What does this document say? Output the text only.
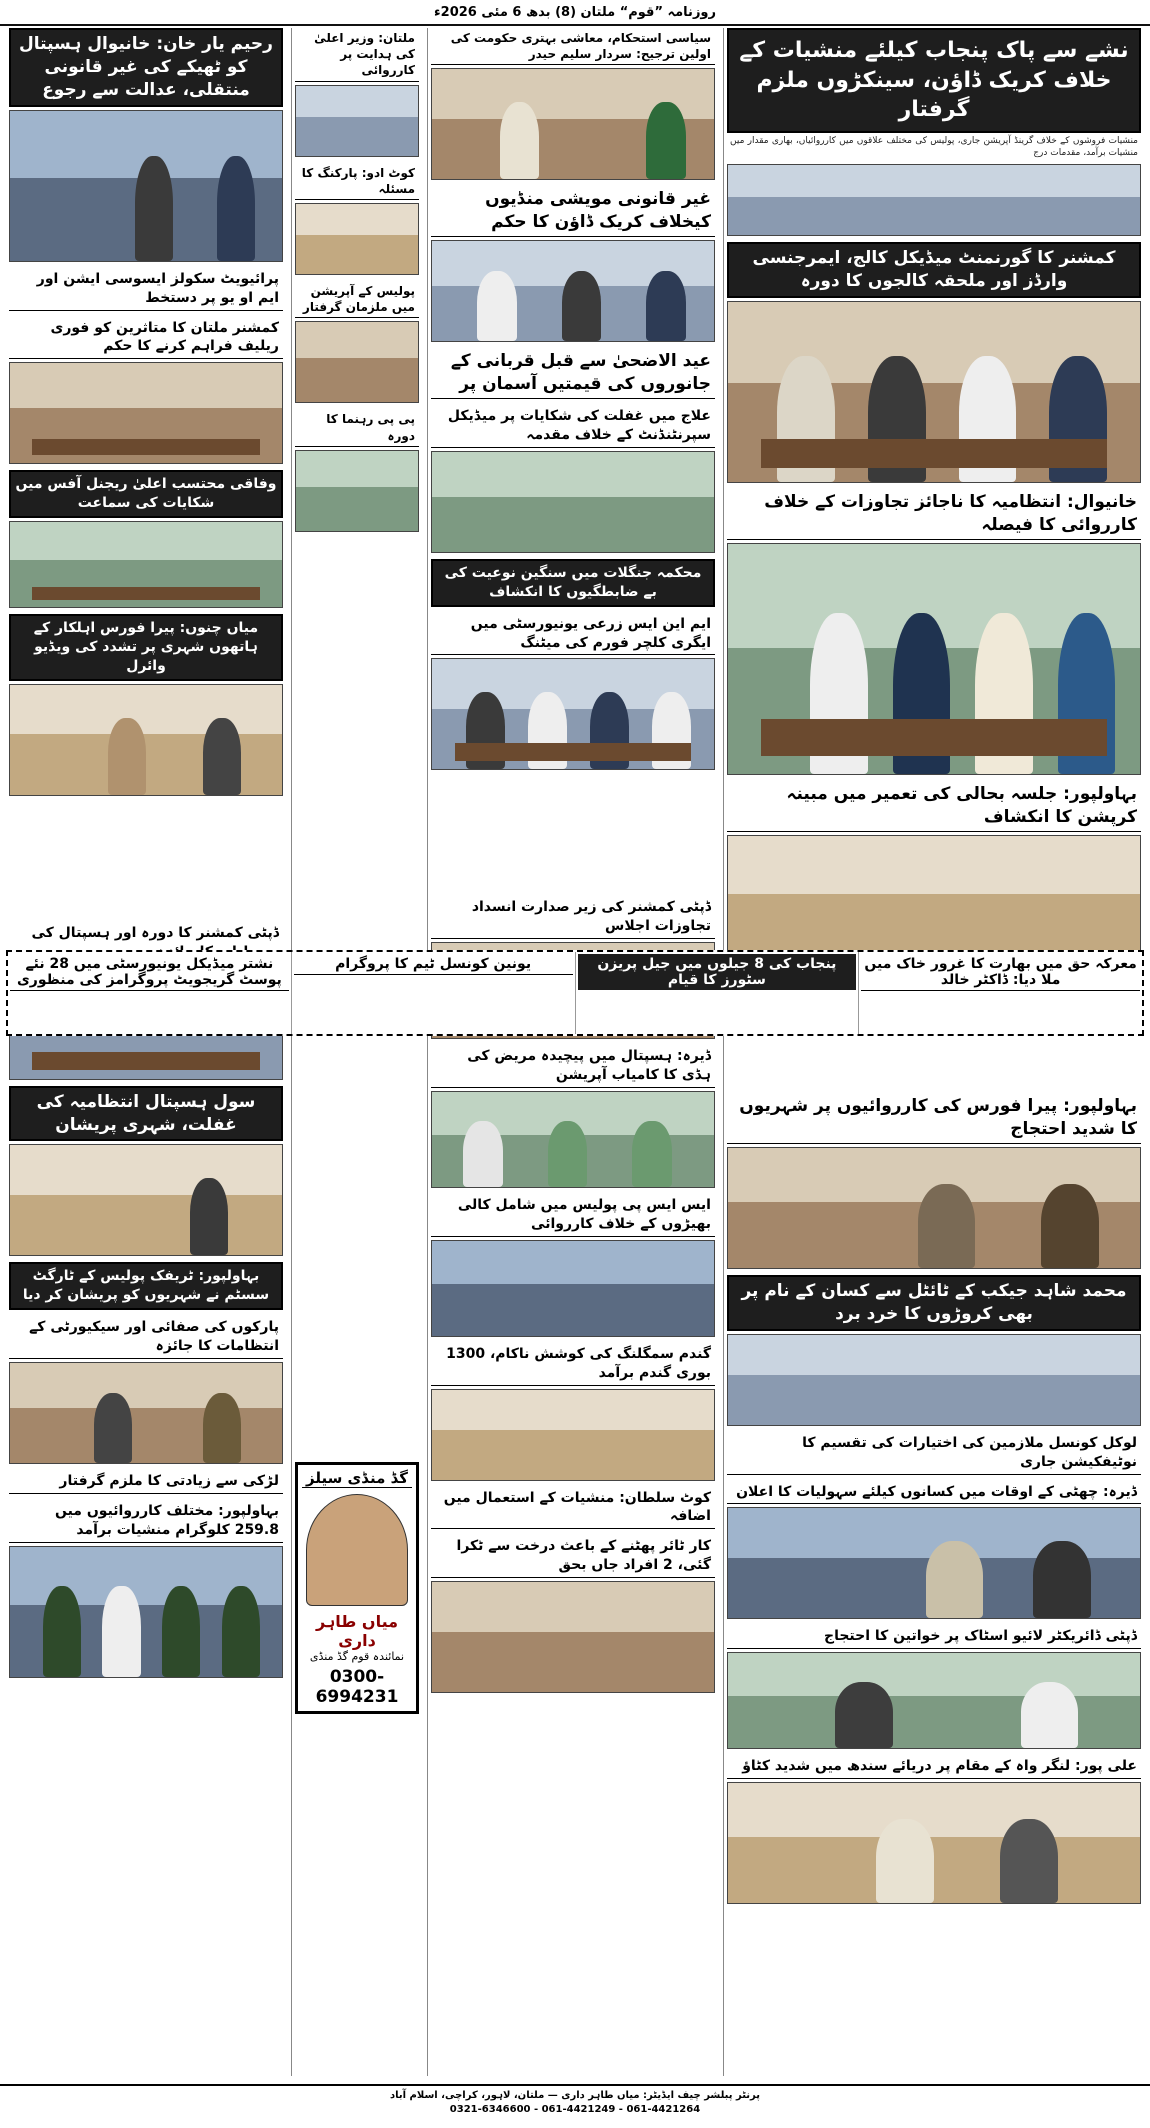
روزنامہ ”قوم“ ملتان (8) بدھ 6 مئی 2026ء
نشے سے پاک پنجاب کیلئے منشیات کے خلاف کریک ڈاؤن، سینکڑوں ملزم گرفتار
منشیات فروشوں کے خلاف گرینڈ آپریشن جاری، پولیس کی مختلف علاقوں میں کارروائیاں، بھاری مقدار میں منشیات برآمد، مقدمات درج
کمشنر کا گورنمنٹ میڈیکل کالج، ایمرجنسی وارڈز اور ملحقہ کالجوں کا دورہ
خانیوال: انتظامیہ کا ناجائز تجاوزات کے خلاف کارروائی کا فیصلہ
بہاولپور: جلسہ بحالی کی تعمیر میں مبینہ کرپشن کا انکشاف
بہاولپور: پیرا فورس کی کارروائیوں پر شہریوں کا شدید احتجاج
محمد شاہد جیکب کے ٹائٹل سے کسان کے نام پر بھی کروڑوں کا خرد برد
لوکل کونسل ملازمین کی اختیارات کی تقسیم کا نوٹیفکیشن جاری
ڈیرہ: چھٹی کے اوقات میں کسانوں کیلئے سہولیات کا اعلان
ڈپٹی ڈائریکٹر لائیو اسٹاک پر خواتین کا احتجاج
علی پور: لنگر واہ کے مقام پر دریائے سندھ میں شدید کٹاؤ
سیاسی استحکام، معاشی بہتری حکومت کی اولین ترجیح: سردار سلیم حیدر
غیر قانونی مویشی منڈیوں کیخلاف کریک ڈاؤن کا حکم
عید الاضحیٰ سے قبل قربانی کے جانوروں کی قیمتیں آسمان پر
علاج میں غفلت کی شکایات پر میڈیکل سپرنٹنڈنٹ کے خلاف مقدمہ
محکمہ جنگلات میں سنگین نوعیت کی بے ضابطگیوں کا انکشاف
ایم این ایس زرعی یونیورسٹی میں ایگری کلچر فورم کی میٹنگ
ڈپٹی کمشنر کی زیر صدارت انسداد تجاوزات اجلاس
ڈیرہ: ہسپتال میں پیچیدہ مریض کی ہڈی کا کامیاب آپریشن
ایس ایس پی پولیس میں شامل کالی بھیڑوں کے خلاف کارروائی
گندم سمگلنگ کی کوشش ناکام، 1300 بوری گندم برآمد
کوٹ سلطان: منشیات کے استعمال میں اضافہ
کار ٹائر پھٹنے کے باعث درخت سے ٹکرا گئی، 2 افراد جاں بحق
ملتان: وزیر اعلیٰ کی ہدایت پر کارروائی
کوٹ ادو: پارکنگ کا مسئلہ
پولیس کے آپریشن میں ملزمان گرفتار
پی پی رہنما کا دورہ
گڈ منڈی سیلز
میاں طاہر داری
نمائندہ قوم گڈ منڈی
0300-6994231
رحیم یار خان: خانیوال ہسپتال کو ٹھیکے کی غیر قانونی منتقلی، عدالت سے رجوع
پرائیویٹ سکولز ایسوسی ایشن اور ایم او یو پر دستخط
کمشنر ملتان کا متاثرین کو فوری ریلیف فراہم کرنے کا حکم
وفاقی محتسب اعلیٰ ریجنل آفس میں شکایات کی سماعت
میاں چنوں: پیرا فورس اہلکار کے ہاتھوں شہری پر تشدد کی ویڈیو وائرل
ڈپٹی کمشنر کا دورہ اور ہسپتال کی
سول ہسپتال انتظامیہ کی غفلت، شہری پریشان
بہاولپور: ٹریفک پولیس کے ٹارگٹ سسٹم نے شہریوں کو پریشان کر دیا
پارکوں کی صفائی اور سیکیورٹی کے انتظامات کا جائزہ
لڑکی سے زیادتی کا ملزم گرفتار
بہاولپور: مختلف کارروائیوں میں 259.8 کلوگرام منشیات برآمد
معرکہ حق میں بھارت کا غرور خاک میں ملا دیا: ڈاکٹر خالد
پنجاب کی 8 جیلوں میں جیل پریزن سٹورز کا قیام
یونین کونسل ٹیم کا پروگرام
نشتر میڈیکل یونیورسٹی میں 28 نئے پوسٹ گریجویٹ پروگرامز کی منظوری
پرنٹر پبلشر چیف ایڈیٹر: میاں طاہر داری — ملتان، لاہور، کراچی، اسلام آباد
0321-6346600 - 061-4421249 - 061-4421264
